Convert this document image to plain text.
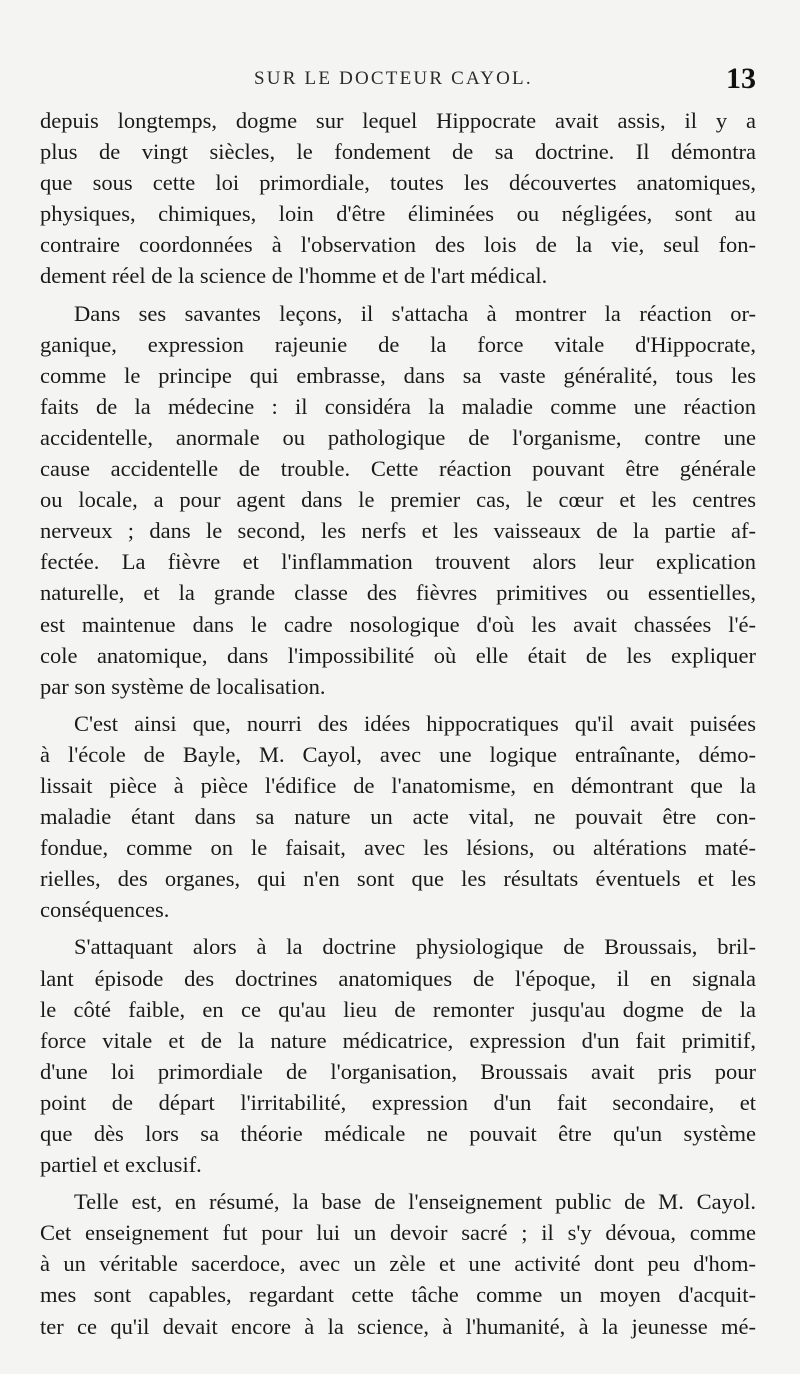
SUR LE DOCTEUR CAYOL.	13
depuis longtemps, dogme sur lequel Hippocrate avait assis, il y a
plus de vingt siècles, le fondement de sa doctrine. Il démontra
que sous cette loi primordiale, toutes les découvertes anatomiques,
physiques, chimiques, loin d'être éliminées ou négligées, sont au
contraire coordonnées à l'observation des lois de la vie, seul fon-
dement réel de la science de l'homme et de l'art médical.
Dans ses savantes leçons, il s'attacha à montrer la réaction or-
ganique, expression rajeunie de la force vitale d'Hippocrate,
comme le principe qui embrasse, dans sa vaste généralité, tous les
faits de la médecine : il considéra la maladie comme une réaction
accidentelle, anormale ou pathologique de l'organisme, contre une
cause accidentelle de trouble. Cette réaction pouvant être générale
ou locale, a pour agent dans le premier cas, le cœur et les centres
nerveux ; dans le second, les nerfs et les vaisseaux de la partie af-
fectée. La fièvre et l'inflammation trouvent alors leur explication
naturelle, et la grande classe des fièvres primitives ou essentielles,
est maintenue dans le cadre nosologique d'où les avait chassées l'é-
cole anatomique, dans l'impossibilité où elle était de les expliquer
par son système de localisation.
C'est ainsi que, nourri des idées hippocratiques qu'il avait puisées
à l'école de Bayle, M. Cayol, avec une logique entraînante, démo-
lissait pièce à pièce l'édifice de l'anatomisme, en démontrant que la
maladie étant dans sa nature un acte vital, ne pouvait être con-
fondue, comme on le faisait, avec les lésions, ou altérations maté-
rielles, des organes, qui n'en sont que les résultats éventuels et les
conséquences.
S'attaquant alors à la doctrine physiologique de Broussais, bril-
lant épisode des doctrines anatomiques de l'époque, il en signala
le côté faible, en ce qu'au lieu de remonter jusqu'au dogme de la
force vitale et de la nature médicatrice, expression d'un fait primitif,
d'une loi primordiale de l'organisation, Broussais avait pris pour
point de départ l'irritabilité, expression d'un fait secondaire, et
que dès lors sa théorie médicale ne pouvait être qu'un système
partiel et exclusif.
Telle est, en résumé, la base de l'enseignement public de M. Cayol.
Cet enseignement fut pour lui un devoir sacré ; il s'y dévoua, comme
à un véritable sacerdoce, avec un zèle et une activité dont peu d'hom-
mes sont capables, regardant cette tâche comme un moyen d'acquit-
ter ce qu'il devait encore à la science, à l'humanité, à la jeunesse mé-
